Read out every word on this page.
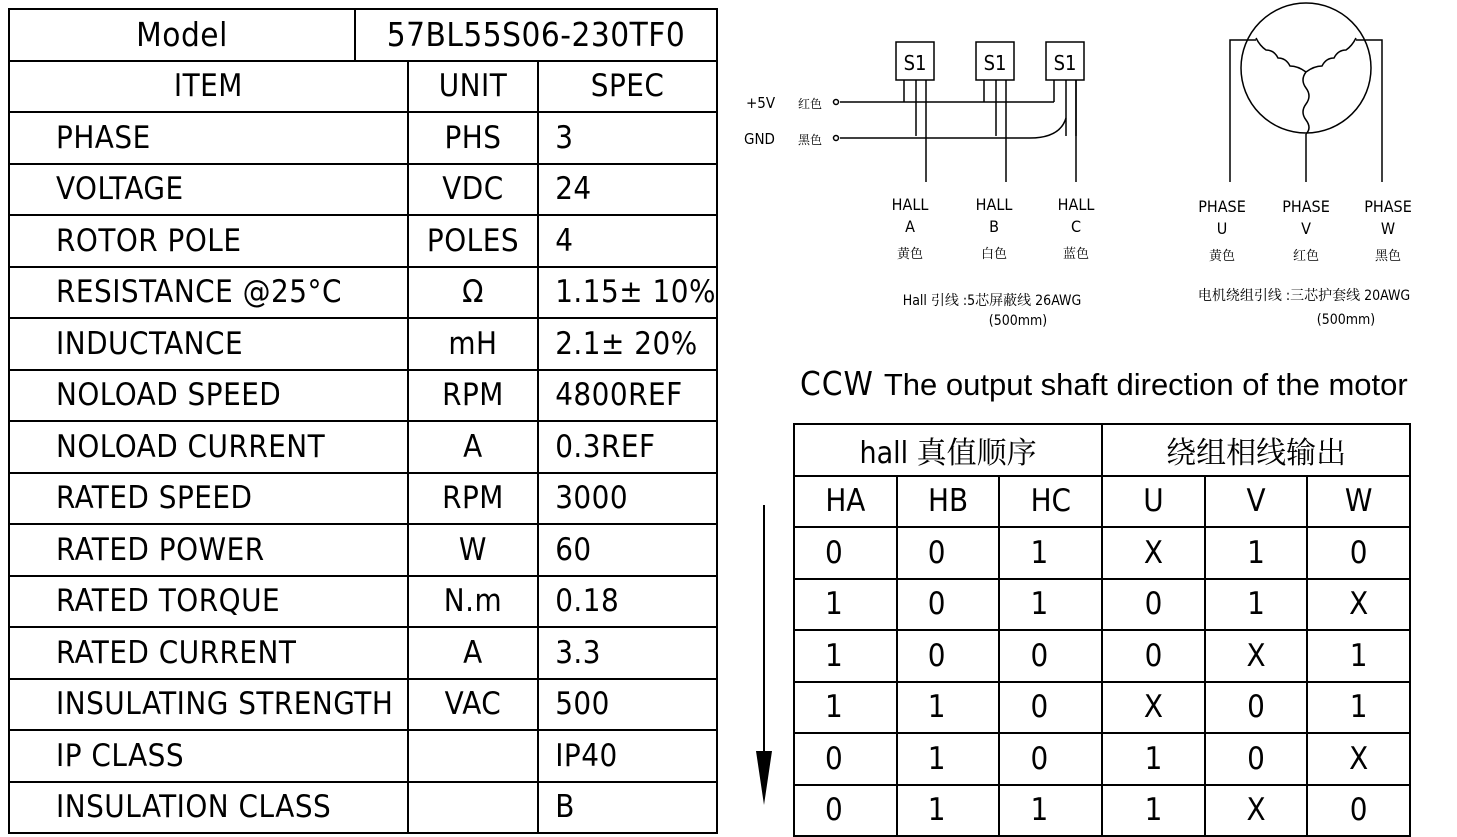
Model	57BL55S06-230TF0		
ITEM		UNIT	SPEC
PHASE		PHS	3
VOLTAGE		VDC	24
ROTOR POLE		POLES	4
RESISTANCE @25°C		Ω	1.15± 10%
INDUCTANCE		mH	2.1± 20%
NOLOAD SPEED		RPM	4800REF
NOLOAD CURRENT		A	0.3REF
RATED SPEED		RPM	3000
RATED POWER		W	60
RATED TORQUE		N.m	0.18
RATED CURRENT		A	3.3
INSULATING STRENGTH		VAC	500
IP CLASS			IP40
INSULATION CLASS			B
S1	S1 S1
+5V 红色
GND 黑色
HALL
A
黄色
HALL
B
白色
HALL
C
蓝色
PHASE
U
黄色
PHASE
V
红色
PHASE
W
黑色
Hall 引线 :5芯屏蔽线 26AWG
(500mm)
电机绕组引线 :三芯护套线 20AWG
(500mm)
CCW The output shaft direction of the motor
hall 真值顺序			绕组相线输出		
HA	HB	HC	U	V	W
0	0	1	X	1	0
1	0	1	0	1	X
1	0	0	0	X	1
1	1	0	X	0	1
0	1	0	1	0	X
0	1	1	1	X	0
